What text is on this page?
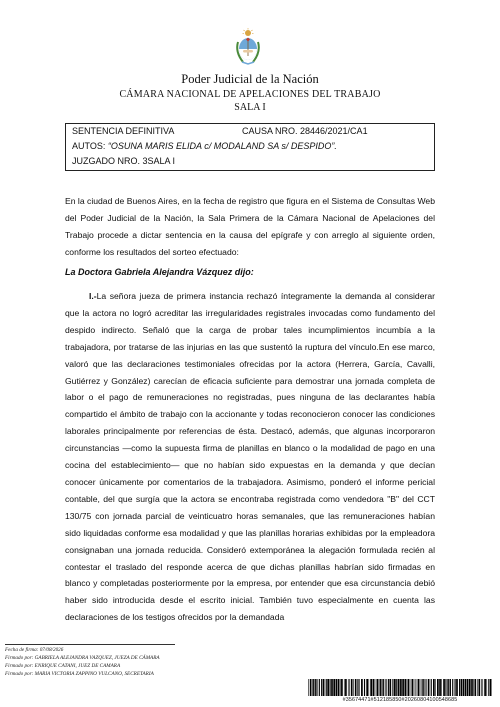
Poder Judicial de la Nación
CÁMARA NACIONAL DE APELACIONES DEL TRABAJO
SALA I
SENTENCIA DEFINITIVA	CAUSA NRO. 28446/2021/CA1
AUTOS: “OSUNA MARIS ELIDA c/ MODALAND SA s/ DESPIDO”.
JUZGADO NRO. 3SALA I

En la ciudad de Buenos Aires, en la fecha de registro que figura en el Sistema de Consultas Web del Poder Judicial de la Nación, la Sala Primera de la Cámara Nacional de Apelaciones del Trabajo procede a dictar sentencia en la causa del epígrafe y con arreglo al siguiente orden, conforme los resultados del sorteo efectuado:

La Doctora Gabriela Alejandra Vázquez dijo:

I.-La señora jueza de primera instancia rechazó íntegramente la demanda al considerar que la actora no logró acreditar las irregularidades registrales invocadas como fundamento del despido indirecto. Señaló que la carga de probar tales incumplimientos incumbía a la trabajadora, por tratarse de las injurias en las que sustentó la ruptura del vínculo.En ese marco, valoró que las declaraciones testimoniales ofrecidas por la actora (Herrera, García, Cavalli, Gutiérrez y González) carecían de eficacia suficiente para demostrar una jornada completa de labor o el pago de remuneraciones no registradas, pues ninguna de las declarantes había compartido el ámbito de trabajo con la accionante y todas reconocieron conocer las condiciones laborales principalmente por referencias de ésta. Destacó, además, que algunas incorporaron circunstancias —como la supuesta firma de planillas en blanco o la modalidad de pago en una cocina del establecimiento— que no habían sido expuestas en la demanda y que decían conocer únicamente por comentarios de la trabajadora. Asimismo, ponderó el informe pericial contable, del que surgía que la actora se encontraba registrada como vendedora "B" del CCT 130/75 con jornada parcial de veinticuatro horas semanales, que las remuneraciones habían sido liquidadas conforme esa modalidad y que las planillas horarias exhibidas por la empleadora consignaban una jornada reducida. Consideró extemporánea la alegación formulada recién al contestar el traslado del responde acerca de que dichas planillas habrían sido firmadas en blanco y completadas posteriormente por la empresa, por entender que esa circunstancia debió haber sido introducida desde el escrito inicial. También tuvo especialmente en cuenta las declaraciones de los testigos ofrecidos por la demandada

Fecha de firma: 07/08/2026
Firmado por: GABRIELA ALEJANDRA VAZQUEZ, JUEZA DE CÁMARA
Firmado por: ENRIQUE CATANI, JUEZ DE CAMARA
Firmado por: MARIA VICTORIA ZAPPINO VULCANO, SECRETARIA
#35674471#512185850#20260804100548685
